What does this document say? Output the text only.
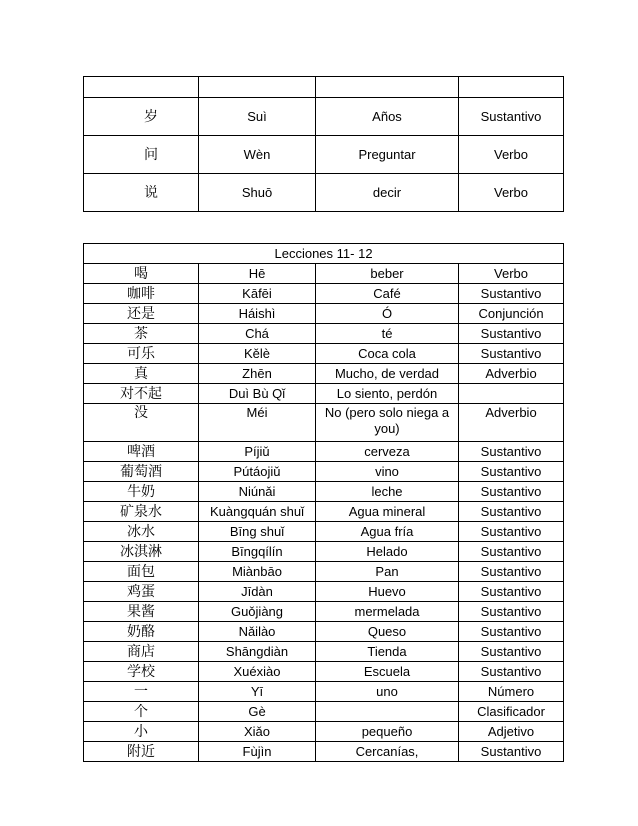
岁	Suì	Años	Sustantivo
问	Wèn	Preguntar	Verbo
说	Shuō	decir	Verbo
Lecciones 11- 12			
喝	Hē	beber	Verbo
咖啡	Kāfēi	Café	Sustantivo
还是	Háishì	Ó	Conjunción
茶	Chá	té	Sustantivo
可乐	Kělè	Coca cola	Sustantivo
真	Zhēn	Mucho, de verdad	Adverbio
对不起	Duì Bù Qǐ	Lo siento, perdón	
没	Méi	No (pero solo niega a you)	Adverbio
啤酒	Píjiǔ	cerveza	Sustantivo
葡萄酒	Pútáojiǔ	vino	Sustantivo
牛奶	Niúnǎi	leche	Sustantivo
矿泉水	Kuàngquán shuǐ	Agua mineral	Sustantivo
冰水	Bīng shuǐ	Agua fría	Sustantivo
冰淇淋	Bīngqílín	Helado	Sustantivo
面包	Miànbāo	Pan	Sustantivo
鸡蛋	Jīdàn	Huevo	Sustantivo
果酱	Guǒjiàng	mermelada	Sustantivo
奶酪	Nǎilào	Queso	Sustantivo
商店	Shāngdiàn	Tienda	Sustantivo
学校	Xuéxiào	Escuela	Sustantivo
一	Yī	uno	Número
个	Gè		Clasificador
小	Xiǎo	pequeño	Adjetivo
附近	Fùjìn	Cercanías,	Sustantivo
